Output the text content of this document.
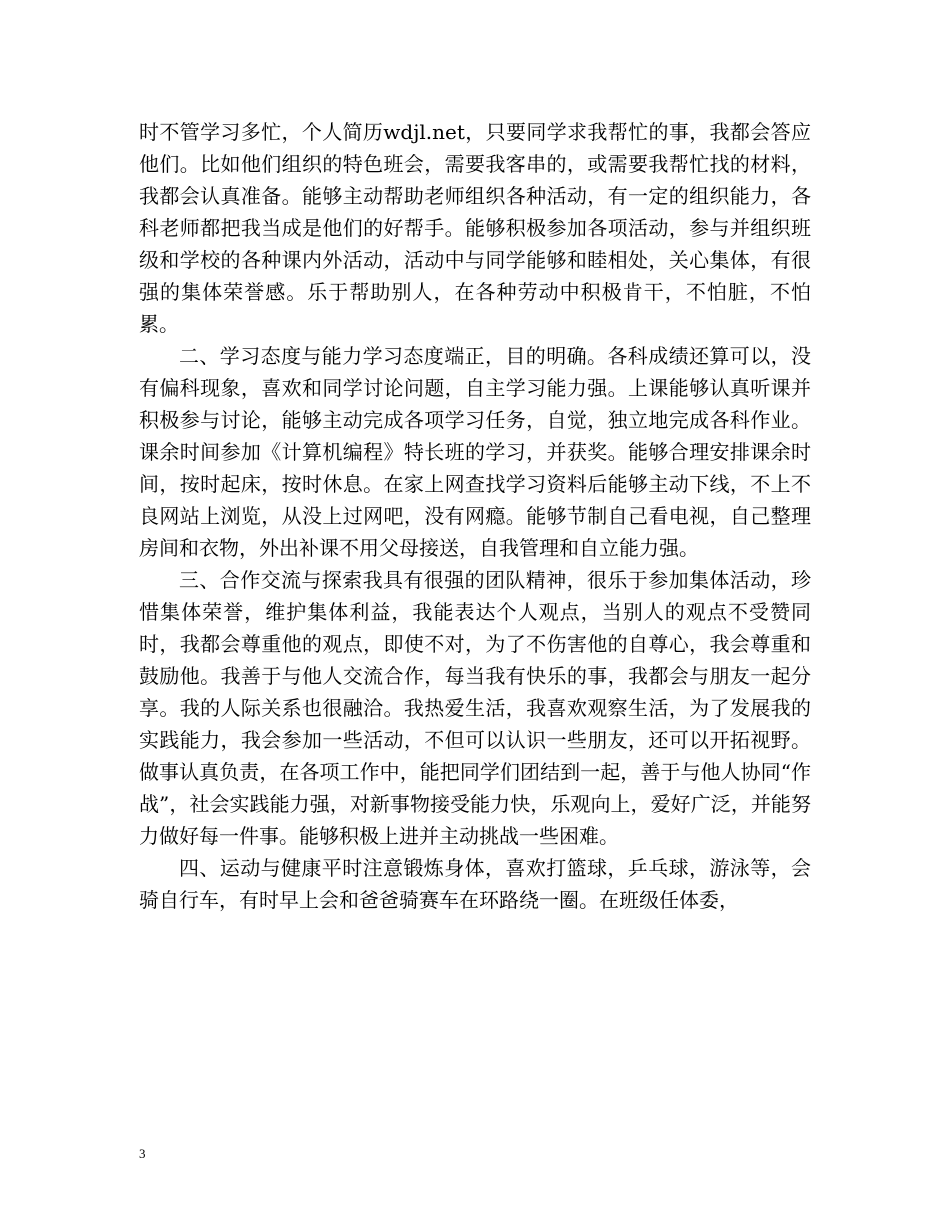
时不管学习多忙，个人简历wdjl.net，只要同学求我帮忙的事，我都会答应他们。比如他们组织的特色班会，需要我客串的，或需要我帮忙找的材料，我都会认真准备。能够主动帮助老师组织各种活动，有一定的组织能力，各科老师都把我当成是他们的好帮手。能够积极参加各项活动，参与并组织班级和学校的各种课内外活动，活动中与同学能够和睦相处，关心集体，有很强的集体荣誉感。乐于帮助别人，在各种劳动中积极肯干，不怕脏，不怕累。

二、学习态度与能力学习态度端正，目的明确。各科成绩还算可以，没有偏科现象，喜欢和同学讨论问题，自主学习能力强。上课能够认真听课并积极参与讨论，能够主动完成各项学习任务，自觉，独立地完成各科作业。课余时间参加《计算机编程》特长班的学习，并获奖。能够合理安排课余时间，按时起床，按时休息。在家上网查找学习资料后能够主动下线，不上不良网站上浏览，从没上过网吧，没有网瘾。能够节制自己看电视，自己整理房间和衣物，外出补课不用父母接送，自我管理和自立能力强。

三、合作交流与探索我具有很强的团队精神，很乐于参加集体活动，珍惜集体荣誉，维护集体利益，我能表达个人观点，当别人的观点不受赞同时，我都会尊重他的观点，即使不对，为了不伤害他的自尊心，我会尊重和鼓励他。我善于与他人交流合作，每当我有快乐的事，我都会与朋友一起分享。我的人际关系也很融洽。我热爱生活，我喜欢观察生活，为了发展我的实践能力，我会参加一些活动，不但可以认识一些朋友，还可以开拓视野。做事认真负责，在各项工作中，能把同学们团结到一起，善于与他人协同“作战”，社会实践能力强，对新事物接受能力快，乐观向上，爱好广泛，并能努力做好每一件事。能够积极上进并主动挑战一些困难。

四、运动与健康平时注意锻炼身体，喜欢打篮球，乒乓球，游泳等，会骑自行车，有时早上会和爸爸骑赛车在环路绕一圈。在班级任体委，

3
